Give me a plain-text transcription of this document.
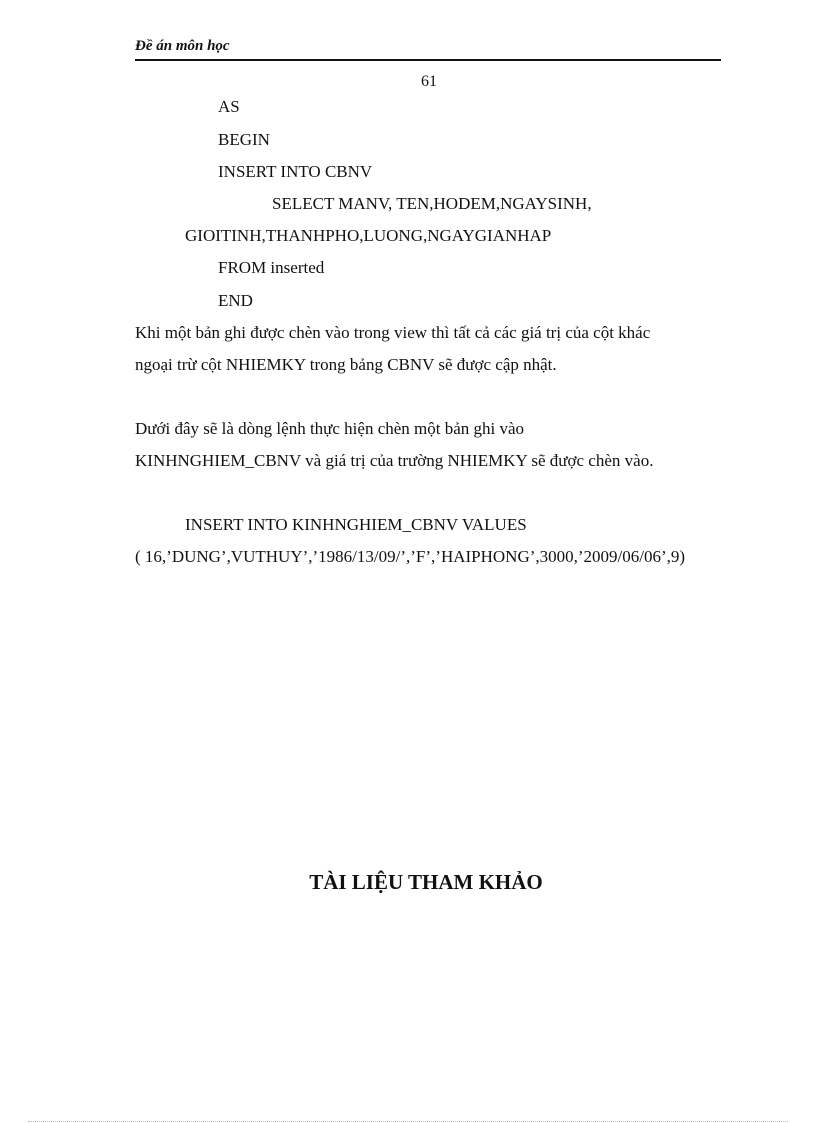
Đề án môn học
61
AS
BEGIN
INSERT INTO CBNV
SELECT MANV, TEN,HODEM,NGAYSINH,
GIOITINH,THANHPHO,LUONG,NGAYGIANHAP
FROM inserted
END
Khi một bản ghi được chèn vào trong view thì tất cả các giá trị của cột khác
ngoại trừ cột NHIEMKY trong bảng CBNV sẽ được cập nhật.
Dưới đây sẽ là dòng lệnh thực hiện chèn một bản ghi vào
KINHNGHIEM_CBNV và giá trị của trường NHIEMKY sẽ được chèn vào.
INSERT INTO KINHNGHIEM_CBNV VALUES
( 16,’DUNG’,VUTHUY’,’1986/13/09/’,’F’,’HAIPHONG’,3000,’2009/06/06’,9)
TÀI LIỆU THAM KHẢO
